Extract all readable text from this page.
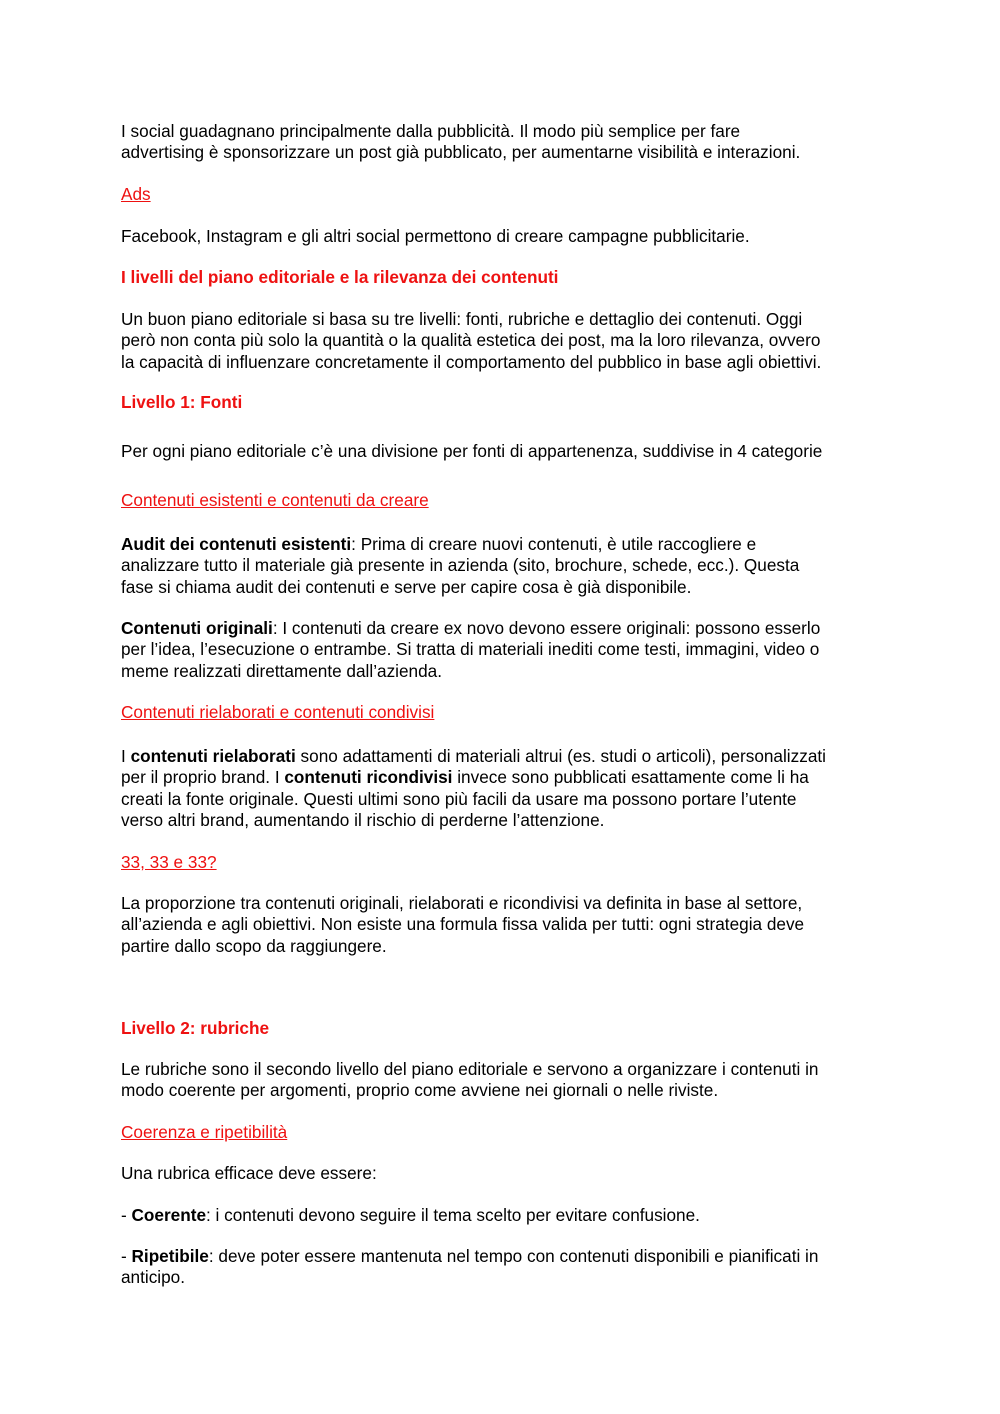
I social guadagnano principalmente dalla pubblicità. Il modo più semplice per fare
advertising è sponsorizzare un post già pubblicato, per aumentarne visibilità e interazioni.

Ads

Facebook, Instagram e gli altri social permettono di creare campagne pubblicitarie.

I livelli del piano editoriale e la rilevanza dei contenuti

Un buon piano editoriale si basa su tre livelli: fonti, rubriche e dettaglio dei contenuti. Oggi
però non conta più solo la quantità o la qualità estetica dei post, ma la loro rilevanza, ovvero
la capacità di influenzare concretamente il comportamento del pubblico in base agli obiettivi.

Livello 1: Fonti

Per ogni piano editoriale c’è una divisione per fonti di appartenenza, suddivise in 4 categorie

Contenuti esistenti e contenuti da creare

Audit dei contenuti esistenti: Prima di creare nuovi contenuti, è utile raccogliere e
analizzare tutto il materiale già presente in azienda (sito, brochure, schede, ecc.). Questa
fase si chiama audit dei contenuti e serve per capire cosa è già disponibile.

Contenuti originali: I contenuti da creare ex novo devono essere originali: possono esserlo
per l’idea, l’esecuzione o entrambe. Si tratta di materiali inediti come testi, immagini, video o
meme realizzati direttamente dall’azienda.

Contenuti rielaborati e contenuti condivisi

I contenuti rielaborati sono adattamenti di materiali altrui (es. studi o articoli), personalizzati
per il proprio brand. I contenuti ricondivisi invece sono pubblicati esattamente come li ha
creati la fonte originale. Questi ultimi sono più facili da usare ma possono portare l’utente
verso altri brand, aumentando il rischio di perderne l’attenzione.

33, 33 e 33?

La proporzione tra contenuti originali, rielaborati e ricondivisi va definita in base al settore,
all’azienda e agli obiettivi. Non esiste una formula fissa valida per tutti: ogni strategia deve
partire dallo scopo da raggiungere.

Livello 2: rubriche

Le rubriche sono il secondo livello del piano editoriale e servono a organizzare i contenuti in
modo coerente per argomenti, proprio come avviene nei giornali o nelle riviste.

Coerenza e ripetibilità

Una rubrica efficace deve essere:

- Coerente: i contenuti devono seguire il tema scelto per evitare confusione.

- Ripetibile: deve poter essere mantenuta nel tempo con contenuti disponibili e pianificati in
anticipo.
